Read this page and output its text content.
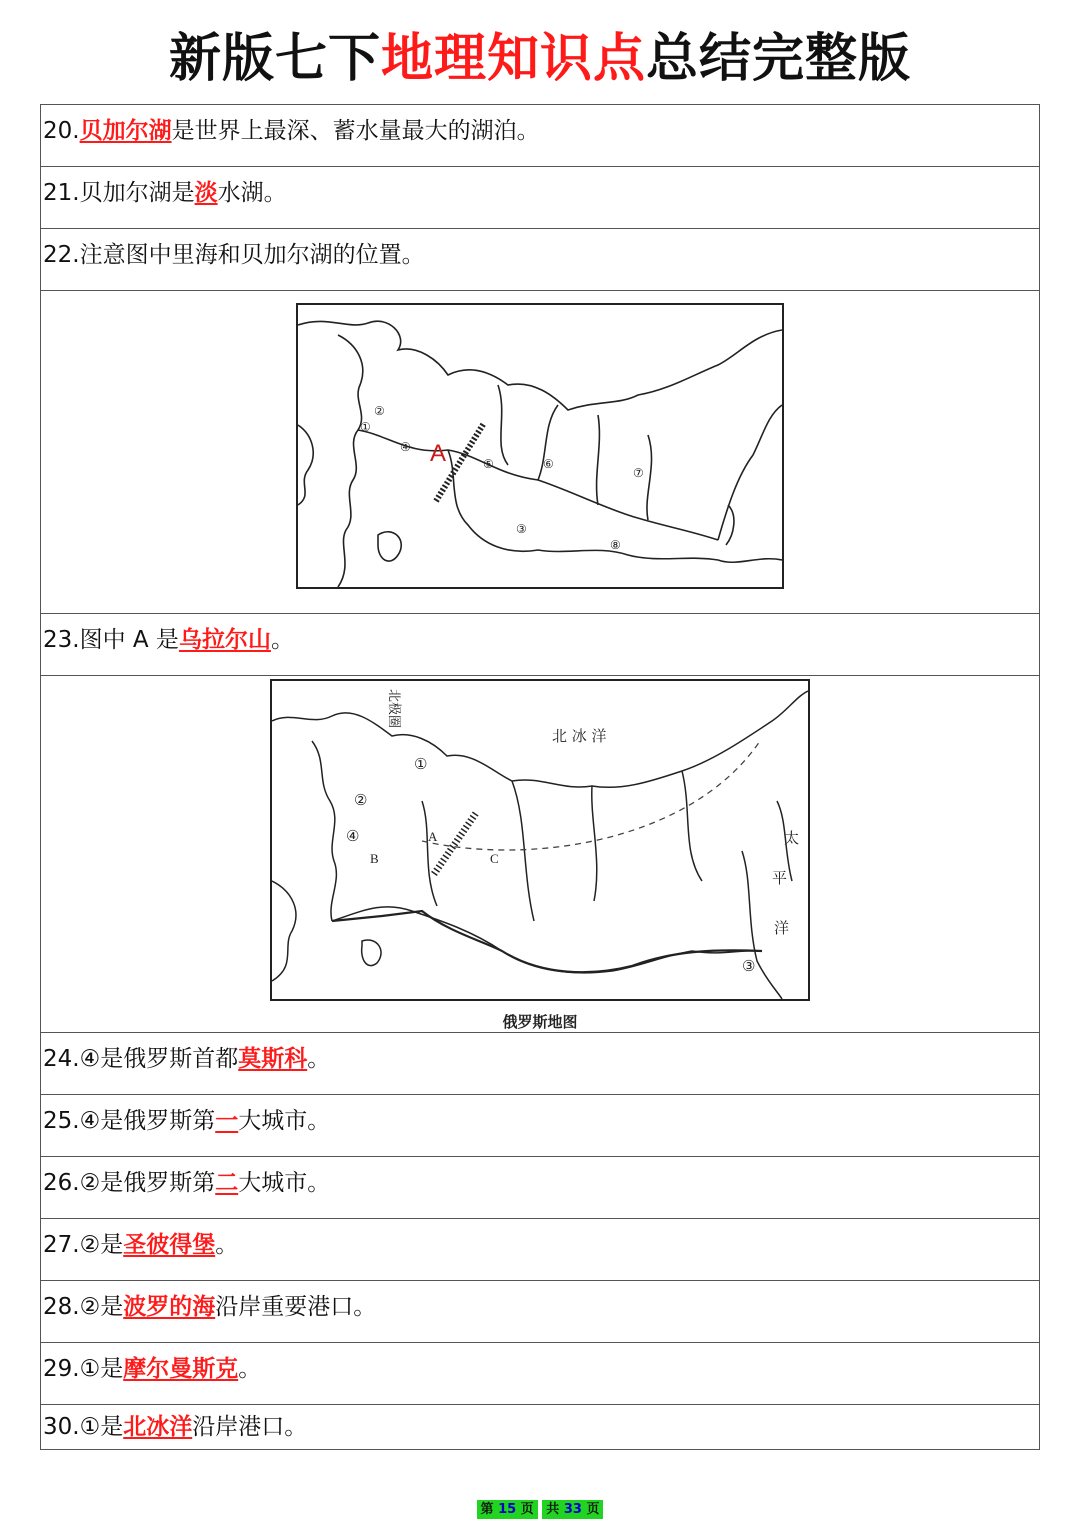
新版七下地理知识点总结完整版
20.贝加尔湖是世界上最深、蓄水量最大的湖泊。
21.贝加尔湖是淡水湖。
22.注意图中里海和贝加尔湖的位置。

①
②
④
⑤	⑥
⑦
⑧
③
A

23.图中 A 是乌拉尔山。

北极圈
北 冰 洋
太
平
洋
A
B	C
①
②
④
③
俄罗斯地图

24.④是俄罗斯首都莫斯科。
25.④是俄罗斯第一大城市。
26.②是俄罗斯第二大城市。
27.②是圣彼得堡。
28.②是波罗的海沿岸重要港口。
29.①是摩尔曼斯克。
30.①是北冰洋沿岸港口。
第 15 页 共 33 页
